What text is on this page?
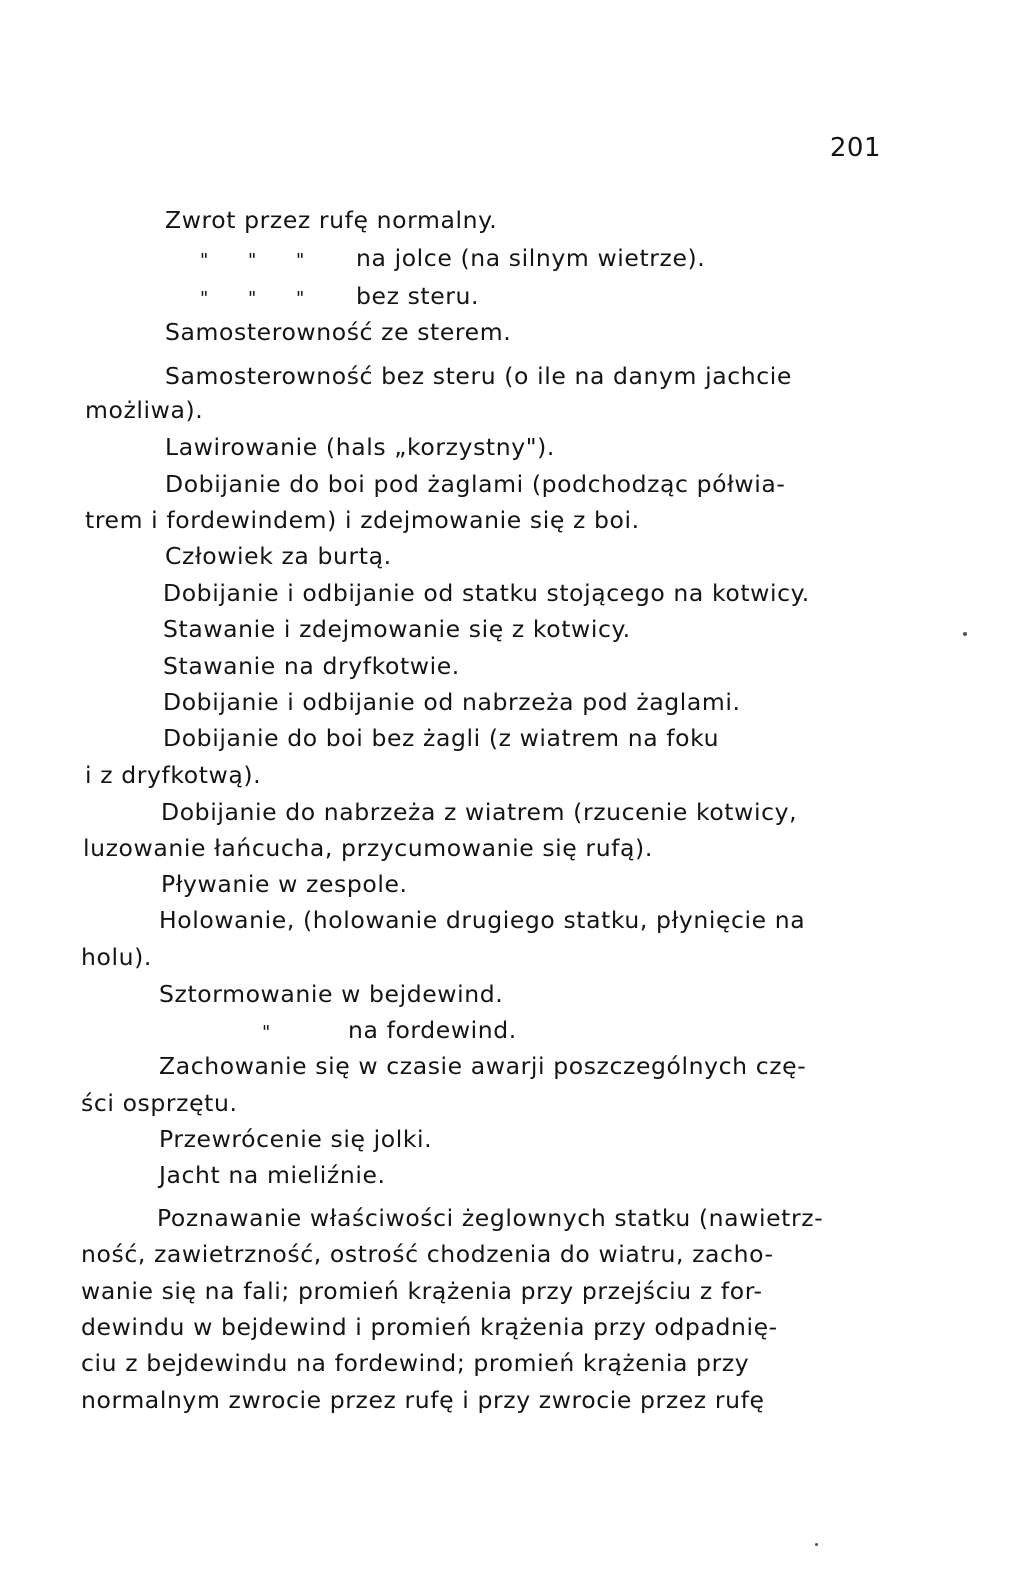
201
Zwrot przez rufę normalny.
" " " na jolce (na silnym wietrze).
" " " bez steru.
Samosterowność ze sterem.
Samosterowność bez steru (o ile na danym jachcie
możliwa).
Lawirowanie (hals „korzystny").
Dobijanie do boi pod żaglami (podchodząc półwia-
trem i fordewindem) i zdejmowanie się z boi.
Człowiek za burtą.
Dobijanie i odbijanie od statku stojącego na kotwicy.
Stawanie i zdejmowanie się z kotwicy.
Stawanie na dryfkotwie.
Dobijanie i odbijanie od nabrzeża pod żaglami.
Dobijanie do boi bez żagli (z wiatrem na foku
i z dryfkotwą).
Dobijanie do nabrzeża z wiatrem (rzucenie kotwicy,
luzowanie łańcucha, przycumowanie się rufą).
Pływanie w zespole.
Holowanie, (holowanie drugiego statku, płynięcie na
holu).
Sztormowanie w bejdewind.
"	na fordewind.
Zachowanie się w czasie awarji poszczególnych czę-
ści osprzętu.
Przewrócenie się jolki.
Jacht na mieliźnie.
Poznawanie właściwości żeglownych statku (nawietrz-
ność, zawietrzność, ostrość chodzenia do wiatru, zacho-
wanie się na fali; promień krążenia przy przejściu z for-
dewindu w bejdewind i promień krążenia przy odpadnię-
ciu z bejdewindu na fordewind; promień krążenia przy
normalnym zwrocie przez rufę i przy zwrocie przez rufę
